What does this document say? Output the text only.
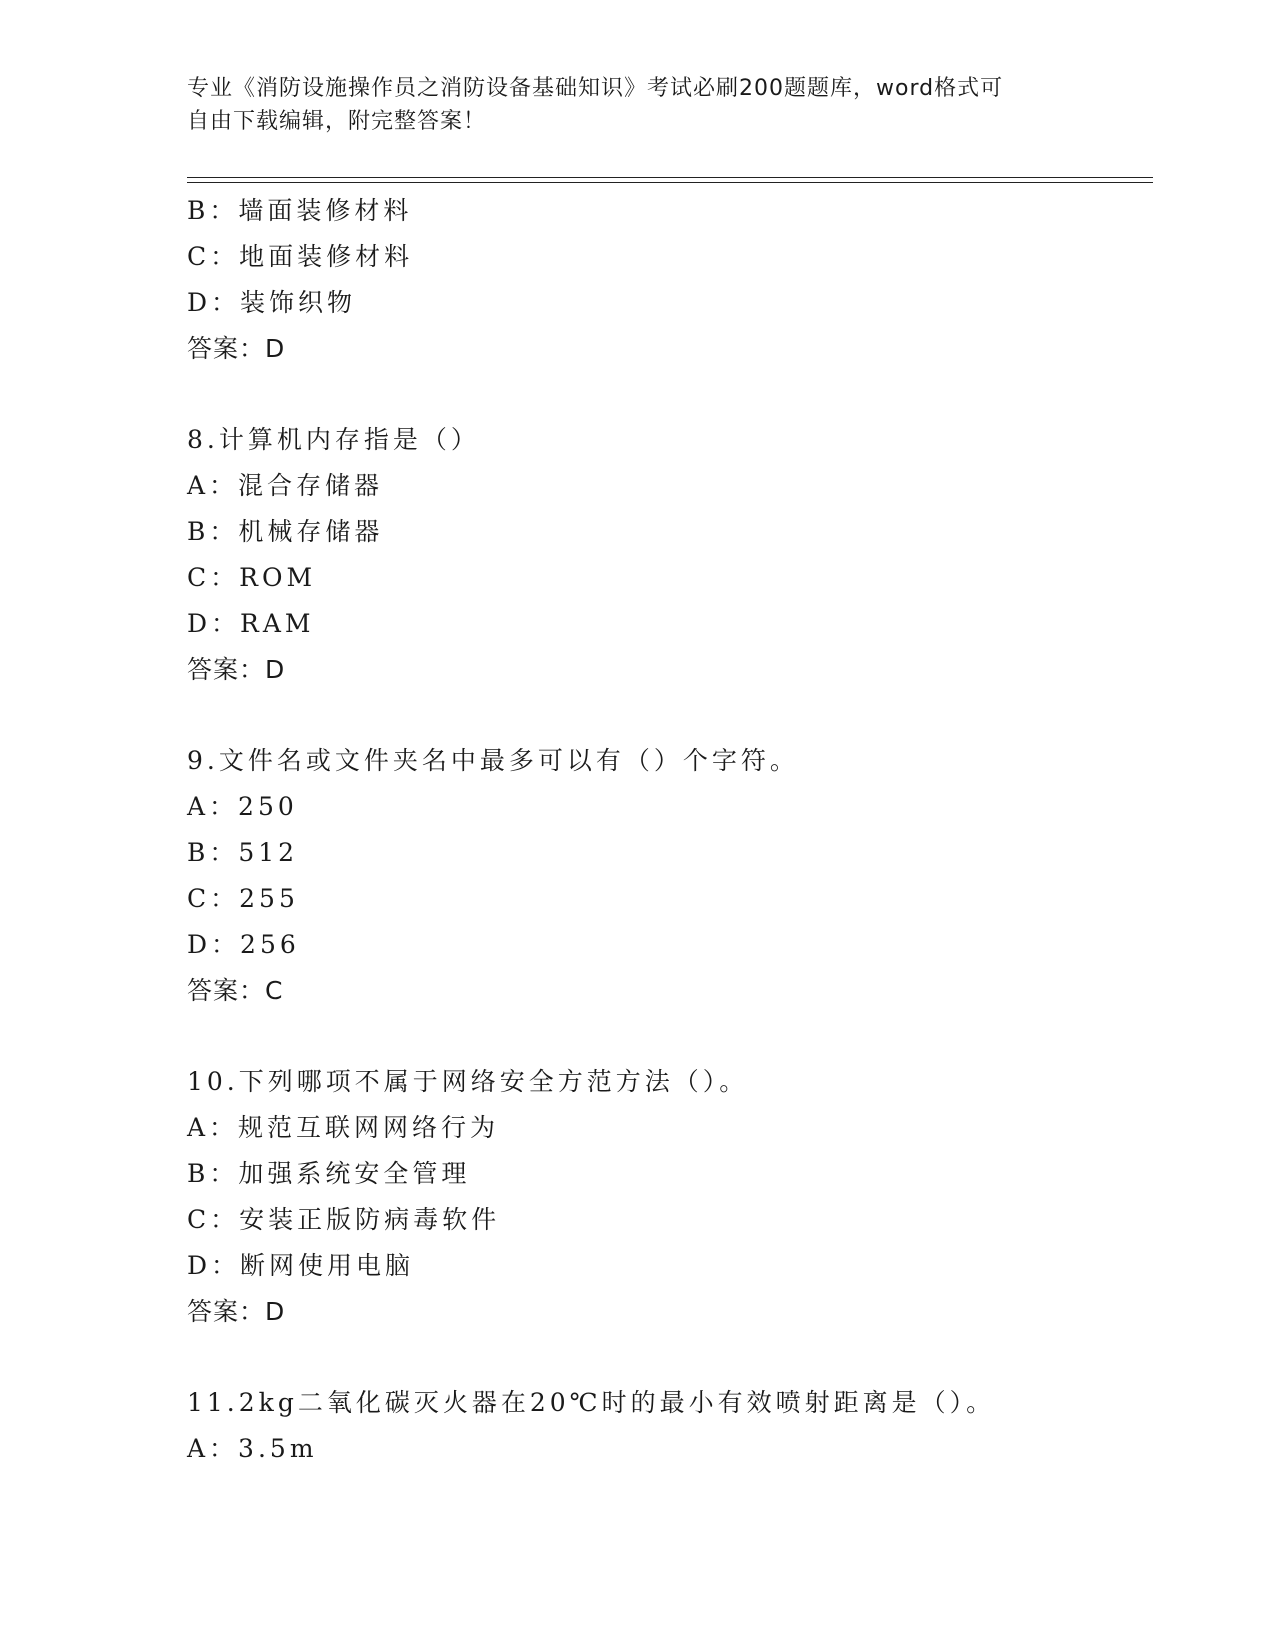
专业《消防设施操作员之消防设备基础知识》考试必刷200题题库，word格式可
自由下载编辑，附完整答案！
B：墙面装修材料
C：地面装修材料
D：装饰织物
答案：D
8.计算机内存指是（）
A：混合存储器
B：机械存储器
C：ROM
D：RAM
答案：D
9.文件名或文件夹名中最多可以有（）个字符。
A：250
B：512
C：255
D：256
答案：C
10.下列哪项不属于网络安全方范方法（）。
A：规范互联网网络行为
B：加强系统安全管理
C：安装正版防病毒软件
D：断网使用电脑
答案：D
11.2kg二氧化碳灭火器在20℃时的最小有效喷射距离是（）。
A：3.5m
